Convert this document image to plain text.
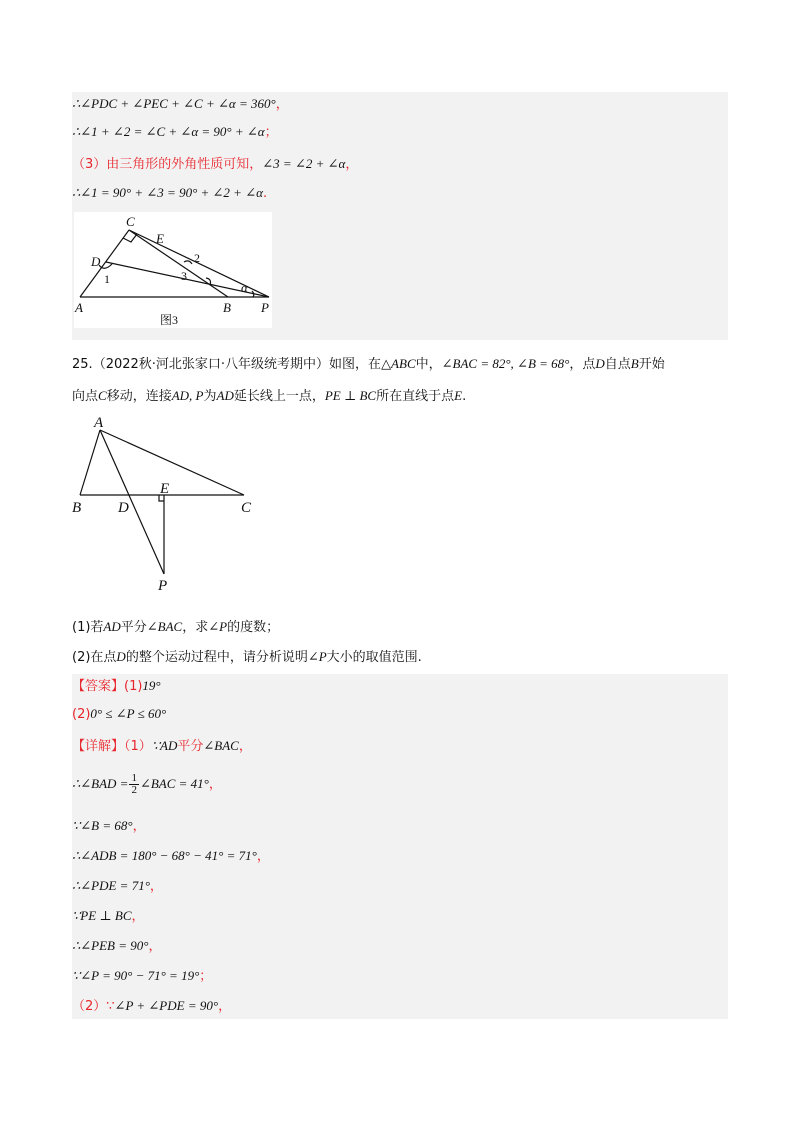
∴∠PDC + ∠PEC + ∠C + ∠α = 360°，
∴∠1 + ∠2 = ∠C + ∠α = 90° + ∠α；
（3）由三角形的外角性质可知，∠3 = ∠2 + ∠α，
∴∠1 = 90° + ∠3 = 90° + ∠2 + ∠α.
C
E
D
A	B P
α
1
2
3
图3
25.（2022秋·河北张家口·八年级统考期中）如图，在△ABC中，∠BAC = 82°, ∠B = 68°，点D自点B开始
向点C移动，连接AD, P为AD延长线上一点，PE ⊥ BC所在直线于点E.
A
B D
E
C
P
(1)若AD平分∠BAC，求∠P的度数；
(2)在点D的整个运动过程中，请分析说明∠P大小的取值范围.
【答案】(1)19°
(2)0° ≤ ∠P ≤ 60°
【详解】（1）∵AD平分∠BAC，
∴∠BAD = $\frac{1}{2}$ ∠BAC = 41°，
∵∠B = 68°，
∴∠ADB = 180° − 68° − 41° = 71°，
∴∠PDE = 71°，
∵PE ⊥ BC，
∴∠PEB = 90°，
∵∠P = 90° − 71° = 19°；
（2）∵∠P + ∠PDE = 90°，
